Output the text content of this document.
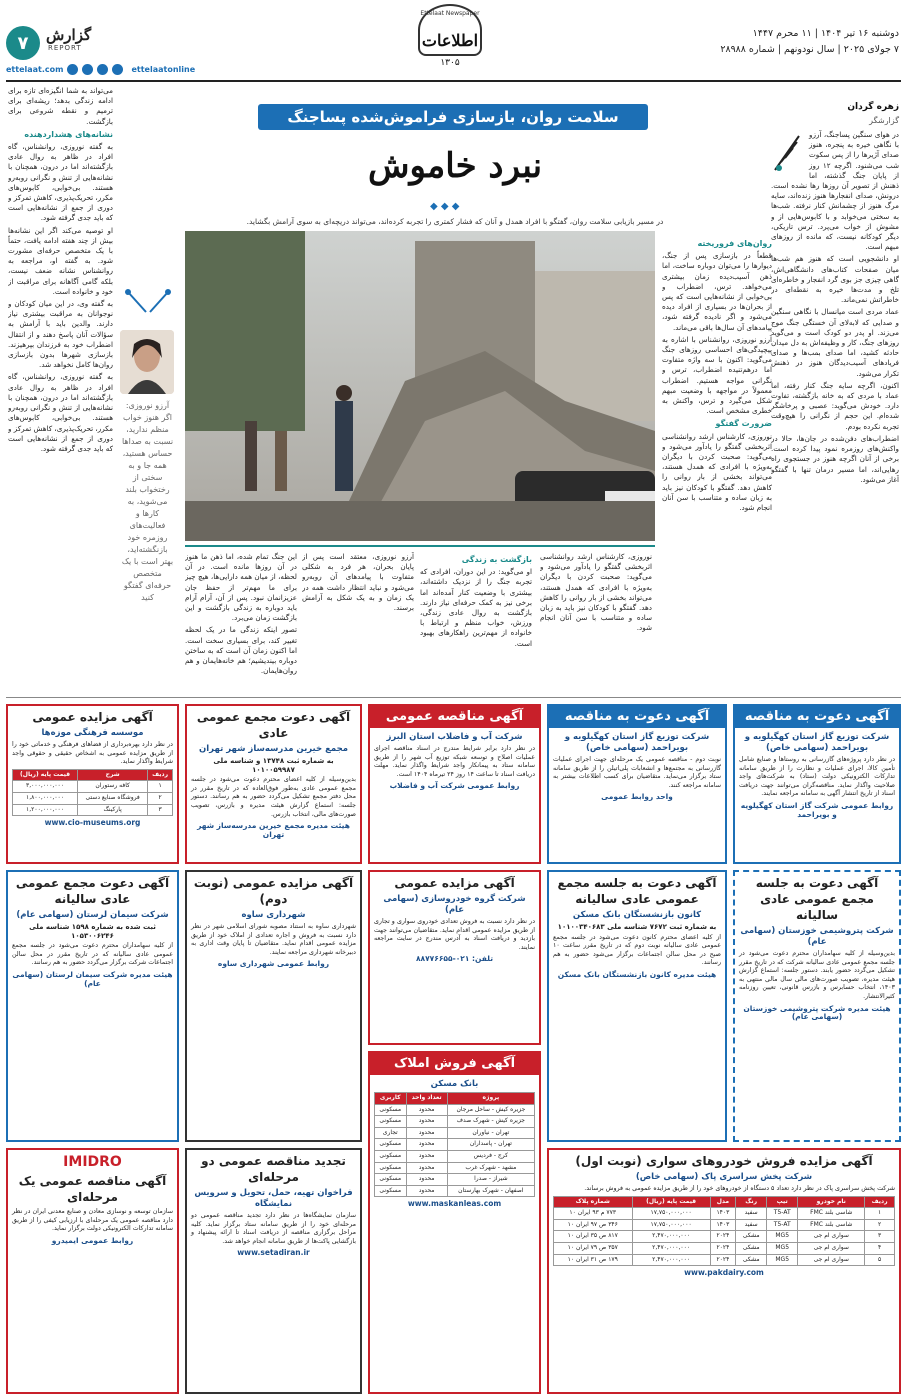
۷	گزارش
REPORT
Ettelaat Newspaper
اطلاعات
۱۳۰۵
دوشنبه ۱۶ تیر ۱۴۰۴ | ۱۱ محرم ۱۴۴۷
۷ جولای ۲۰۲۵ | سال نودونهم | شماره ۲۸۹۸۸
ettelaat.com	ettelaatonline
زهره گردان
گزارشگر
سلامت روان، بازسازی فراموش‌شده پساجنگ
نبرد خاموش
◆ ◆ ◆
در مسیر بازیابی سلامت روان، گفتگو با افراد همدل و آنان که فشار کمتری را تجربه کرده‌اند، می‌تواند دریچه‌ای به سوی آرامش بگشاید.

در هوای سنگین پساجنگ، آرزو با نگاهی خیره به پنجره، هنوز صدای آژیرها را از پس سکوت شب می‌شنود. اگرچه ۱۲ روز از پایان جنگ گذشته، اما ذهنش از تصویر آن روزها رها نشده است. درونش، صدای انفجارها هنوز زنده‌اند، سایه مرگ هنوز از چشمانش کنار نرفته. شب‌ها به سختی می‌خوابد و با کابوس‌هایی از و مشوش از خواب می‌پرد. ترس تاریکی، دیگر کودکانه نیست، که مانده از روزهای مبهم است.

او دانشجویی است که هنوز هم شب‌ها میان صفحات کتاب‌های دانشگاهی‌اش، گاهی چیزی جز بوی گرد انفجار و خاطره‌ای تلخ و مدت‌ها خیره به نقطه‌ای در خاطراتش نمی‌ماند.

عماد مردی است میانسال با نگاهی سنگین و صدایی که لابه‌لای آن خستگی جنگ موج می‌زند. او پدر دو کودک است و می‌گوید روزهای جنگ، کار و وظیفه‌اش به دل میدان حادثه کشید، اما صدای بمب‌ها و صدای فریادهای آسیب‌دیدگان هنوز در ذهنش تکرار می‌شود.

اکنون، اگرچه سایه جنگ کنار رفته، اما عماد با مردی که به خانه بازگشته، تفاوت دارد. خودش می‌گوید: عصبی و پرخاشگر شده‌ام. این حجم از نگرانی را هیچ‌وقت تجربه نکرده بودم.

اضطراب‌های دفن‌شده در جان‌ها، حالا در واکنش‌های روزمره نمود پیدا کرده است. برخی از آنان اگرچه هنوز در جستجوی راه رهایی‌اند، اما مسیر درمان تنها با گفتگو آغاز می‌شود.

روان‌های فروریخته

قطعاً در بازسازی پس از جنگ، دیوارها را می‌توان دوباره ساخت، اما ذهن آسیب‌دیده زمان بیشتری می‌خواهد. ترس، اضطراب و بی‌خوابی از نشانه‌هایی است که پس از بحران‌ها در بسیاری از افراد دیده می‌شود و اگر نادیده گرفته شود، پیامدهای آن سال‌ها باقی می‌ماند.

آرزو نوروزی، روانشناس با اشاره به پیچیدگی‌های احساسی روزهای جنگ می‌گوید: اکنون با سه واژه متفاوت اما درهم‌تنیده اضطراب، ترس و نگرانی مواجه هستیم. اضطراب معمولاً در مواجهه با وضعیت مبهم شکل می‌گیرد و ترس، واکنش به خطری مشخص است.

ضرورت گفتگو

نوروزی، کارشناس ارشد روانشناسی اثربخشی گفتگو را یادآور می‌شود و می‌گوید: صحبت کردن با دیگران به‌ویژه با افرادی که همدل هستند، می‌تواند بخشی از بار روانی را کاهش دهد. گفتگو با کودکان نیز باید به زبان ساده و متناسب با سن آنان انجام شود.

نوروزی، کارشناس ارشد روانشناسی اثربخشی گفتگو را یادآور می‌شود و می‌گوید: صحبت کردن با دیگران به‌ویژه با افرادی که همدل هستند، می‌تواند بخشی از بار روانی را کاهش دهد. گفتگو با کودکان نیز باید به زبان ساده و متناسب با سن آنان انجام شود.

بازگشت به زندگی

او می‌گوید: در این دوران، افرادی که تجربه جنگ را از نزدیک داشته‌اند، بیشتری با وضعیت کنار آمده‌اند اما برخی نیز به کمک حرفه‌ای نیاز دارند. بازگشت به روال عادی زندگی، ورزش، خواب منظم و ارتباط با خانواده از مهم‌ترین راهکارهای بهبود است.

آرزو نوروزی، معتقد است پس از پایان بحران، هر فرد به شکلی متفاوت با پیامدهای آن روبه‌رو می‌شود و نباید انتظار داشت همه در یک زمان و به یک شکل به آرامش برسند.

این جنگ تمام شده، اما ذهن ما هنوز در آن روزها مانده است. در آن لحظه، از میان همه دارایی‌ها، هیچ چیز برای ما مهم‌تر از حفظ جان عزیزانمان نبود. پس از آن، آرام آرام باید دوباره به زندگی بازگشت و این بازگشت زمان می‌برد.

تصور اینکه زندگی ما در یک لحظه تغییر کند، برای بسیاری سخت است. اما اکنون زمان آن است که به ساختن دوباره بیندیشیم؛ هم خانه‌هایمان و هم روان‌هایمان.

آرزو نوروزی: اگر هنوز خواب منظم ندارید، نسبت به صداها حساس هستید، همه جا و به سختی از رختخواب بلند می‌شوید، به کارها و فعالیت‌های روزمره خود بازنگشته‌اید، بهتر است با یک متخصص حرفه‌ای گفتگو کنید

می‌تواند به شما انگیزه‌ای تازه برای ادامه زندگی بدهد؛ ریشه‌ای برای ترمیم و نقطه شروعی برای بازگشت.

نشانه‌های هشداردهنده

به گفته نوروزی، روانشناس، گاه افراد در ظاهر به روال عادی بازگشته‌اند اما در درون، همچنان با نشانه‌هایی از تنش و نگرانی روبه‌رو هستند. بی‌خوابی، کابوس‌های مکرر، تحریک‌پذیری، کاهش تمرکز و دوری از جمع از نشانه‌هایی است که باید جدی گرفته شود.

او توصیه می‌کند اگر این نشانه‌ها بیش از چند هفته ادامه یافت، حتماً با یک متخصص حرفه‌ای مشورت شود. به گفته او، مراجعه به روانشناس نشانه ضعف نیست، بلکه گامی آگاهانه برای مراقبت از خود و خانواده است.

به گفته وی، در این میان کودکان و نوجوانان به مراقبت بیشتری نیاز دارند. والدین باید با آرامش به سؤالات آنان پاسخ دهند و از انتقال اضطراب خود به فرزندان بپرهیزند. بازسازی شهرها بدون بازسازی روان‌ها کامل نخواهد شد.

به گفته نوروزی، روانشناس، گاه افراد در ظاهر به روال عادی بازگشته‌اند اما در درون، همچنان با نشانه‌هایی از تنش و نگرانی روبه‌رو هستند. بی‌خوابی، کابوس‌های مکرر، تحریک‌پذیری، کاهش تمرکز و دوری از جمع از نشانه‌هایی است که باید جدی گرفته شود.

آگهی دعوت به مناقصه
شرکت توزیع گاز استان کهگیلویه و بویراحمد (سهامی خاص)
در نظر دارد پروژه‌های گازرسانی به روستاها و صنایع شامل تأمین کالا، اجرای عملیات و نظارت را از طریق سامانه تدارکات الکترونیکی دولت (ستاد) به شرکت‌های واجد صلاحیت واگذار نماید. مناقصه‌گران می‌توانند جهت دریافت اسناد از تاریخ انتشار آگهی به سامانه مراجعه نمایند.
روابط عمومی شرکت گاز استان کهگیلویه و بویراحمد
آگهی دعوت به مناقصه
شرکت توزیع گاز استان کهگیلویه و بویراحمد (سهامی خاص)
نوبت دوم - مناقصه عمومی یک مرحله‌ای جهت اجرای عملیات گازرسانی به مجتمع‌ها و انشعابات پلی‌اتیلن را از طریق سامانه ستاد برگزار می‌نماید. متقاضیان برای کسب اطلاعات بیشتر به سامانه مراجعه کنند.
واحد روابط عمومی
آگهی مناقصه عمومی
شرکت آب و فاضلاب استان البرز
در نظر دارد برابر شرایط مندرج در اسناد مناقصه اجرای عملیات اصلاح و توسعه شبکه توزیع آب شهر را از طریق سامانه ستاد به پیمانکار واجد شرایط واگذار نماید. مهلت دریافت اسناد تا ساعت ۱۴ روز ۲۴ تیرماه ۱۴۰۴ است.
روابط عمومی شرکت آب و فاضلاب
آگهی دعوت مجمع عمومی عادی
مجمع خیرین مدرسه‌ساز شهر تهران
به شماره ثبت ۱۳۷۴۸ و شناسه ملی ۱۰۱۰۰۵۹۹۸۷
بدین‌وسیله از کلیه اعضای محترم دعوت می‌شود در جلسه مجمع عمومی عادی به‌طور فوق‌العاده که در تاریخ مقرر در محل دفتر مجمع تشکیل می‌گردد حضور به هم رسانند. دستور جلسه: استماع گزارش هیئت مدیره و بازرس، تصویب صورت‌های مالی، انتخاب بازرس.
هیئت مدیره مجمع خیرین مدرسه‌ساز شهر تهران
آگهی مزایده عمومی
موسسه فرهنگی موزه‌ها
در نظر دارد بهره‌برداری از فضاهای فرهنگی و خدماتی خود را از طریق مزایده عمومی به اشخاص حقیقی و حقوقی واجد شرایط واگذار نماید.
ردیف	شرح	قیمت پایه (ریال)
۱	کافه رستوران	۳,۰۰۰,۰۰۰,۰۰۰
۲	فروشگاه صنایع دستی	۱,۸۰۰,۰۰۰,۰۰۰
۳	پارکینگ	۱,۲۰۰,۰۰۰,۰۰۰
www.cio-museums.org
آگهی دعوت به جلسه مجمع عمومی عادی سالیانه
شرکت پتروشیمی خوزستان (سهامی عام)
بدین‌وسیله از کلیه سهامداران محترم دعوت می‌شود در جلسه مجمع عمومی عادی سالیانه شرکت که در تاریخ مقرر تشکیل می‌گردد حضور یابند. دستور جلسه: استماع گزارش هیئت مدیره، تصویب صورت‌های مالی سال مالی منتهی به ۱۴۰۳، انتخاب حسابرس و بازرس قانونی، تعیین روزنامه کثیرالانتشار.
هیئت مدیره شرکت پتروشیمی خوزستان (سهامی عام)
آگهی دعوت به جلسه مجمع عمومی عادی سالیانه
کانون بازنشستگان بانک مسکن
به شماره ثبت ۷۶۷۲ شناسه ملی ۱۰۱۰۰۳۴۰۶۸۳
از کلیه اعضای محترم کانون دعوت می‌شود در جلسه مجمع عمومی عادی سالیانه نوبت دوم که در تاریخ مقرر ساعت ۱۰ صبح در محل سالن اجتماعات برگزار می‌شود حضور به هم رسانند.
هیئت مدیره کانون بازنشستگان بانک مسکن
آگهی مزایده عمومی
شرکت گروه خودروسازی (سهامی عام)
در نظر دارد نسبت به فروش تعدادی خودروی سواری و تجاری از طریق مزایده عمومی اقدام نماید. متقاضیان می‌توانند جهت بازدید و دریافت اسناد به آدرس مندرج در سایت مراجعه نمایند.
تلفن: ۰۲۱-۸۸۷۷۶۶۵۵
آگهی مزایده عمومی (نوبت دوم)
شهرداری ساوه
شهرداری ساوه به استناد مصوبه شورای اسلامی شهر در نظر دارد نسبت به فروش و اجاره تعدادی از املاک خود از طریق مزایده عمومی اقدام نماید. متقاضیان تا پایان وقت اداری به دبیرخانه شهرداری مراجعه نمایند.
روابط عمومی شهرداری ساوه
آگهی دعوت مجمع عمومی عادی سالیانه
شرکت سیمان لرستان (سهامی عام)
ثبت شده به شماره ۱۵۹۸ شناسه ملی ۱۰۵۳۰۰۶۲۴۶
از کلیه سهامداران محترم دعوت می‌شود در جلسه مجمع عمومی عادی سالیانه که در تاریخ مقرر در محل سالن اجتماعات شرکت برگزار می‌گردد حضور به هم رسانند.
هیئت مدیره شرکت سیمان لرستان (سهامی عام)
آگهی فروش املاک
بانک مسکن
پروژه	تعداد واحد	کاربری
جزیره کیش - ساحل مرجان	محدود	مسکونی
جزیره کیش - شهرک صدف	محدود	مسکونی
تهران - نیاوران	محدود	تجاری
تهران - پاسداران	محدود	مسکونی
کرج - فردیس	محدود	مسکونی
مشهد - شهرک غرب	محدود	مسکونی
شیراز - صدرا	محدود	مسکونی
اصفهان - شهرک بهارستان	محدود	مسکونی
www.maskanleas.com
تجدید مناقصه عمومی دو مرحله‌ای
فراخوان تهیه، حمل، تحویل و سرویس نمایشگاه
سازمان نمایشگاه‌ها در نظر دارد تجدید مناقصه عمومی دو مرحله‌ای خود را از طریق سامانه ستاد برگزار نماید. کلیه مراحل برگزاری مناقصه از دریافت اسناد تا ارائه پیشنهاد و بازگشایی پاکت‌ها از طریق سامانه انجام خواهد شد.
www.setadiran.ir
IMIDRO
آگهی مناقصه عمومی یک مرحله‌ای
سازمان توسعه و نوسازی معادن و صنایع معدنی ایران در نظر دارد مناقصه عمومی یک مرحله‌ای با ارزیابی کیفی را از طریق سامانه تدارکات الکترونیکی دولت برگزار نماید.
روابط عمومی ایمیدرو
آگهی مزایده فروش خودروهای سواری (نوبت اول)
شرکت پخش سراسری پاک (سهامی خاص)
شرکت پخش سراسری پاک در نظر دارد تعداد ۵ دستگاه از خودروهای خود را از طریق مزایده عمومی به فروش برساند.
ردیف	نام خودرو	تیپ	رنگ	مدل	قیمت پایه (ریال)	شماره پلاک
۱	شاسی بلند FMC	T5-AT	سفید	۱۴۰۳	۱۷,۷۵۰,۰۰۰,۰۰۰	۷۷۳ م ۹۳ ایران ۱۰
۲	شاسی بلند FMC	T5-AT	سفید	۱۴۰۳	۱۷,۷۵۰,۰۰۰,۰۰۰	۳۴۶ ص ۹۷ ایران ۱۰
۳	سواری ام جی	MG5	مشکی	۲۰۲۴	۲,۴۷۰,۰۰۰,۰۰۰	۸۱۷ ص ۳۵ ایران ۱۰
۴	سواری ام جی	MG5	مشکی	۲۰۲۴	۲,۴۷۰,۰۰۰,۰۰۰	۳۵۷ ص ۷۹ ایران ۱۰
۵	سواری ام جی	MG5	مشکی	۲۰۲۴	۲,۴۷۰,۰۰۰,۰۰۰	۱۷۹ ص ۳۱ ایران ۱۰
www.pakdairy.com
